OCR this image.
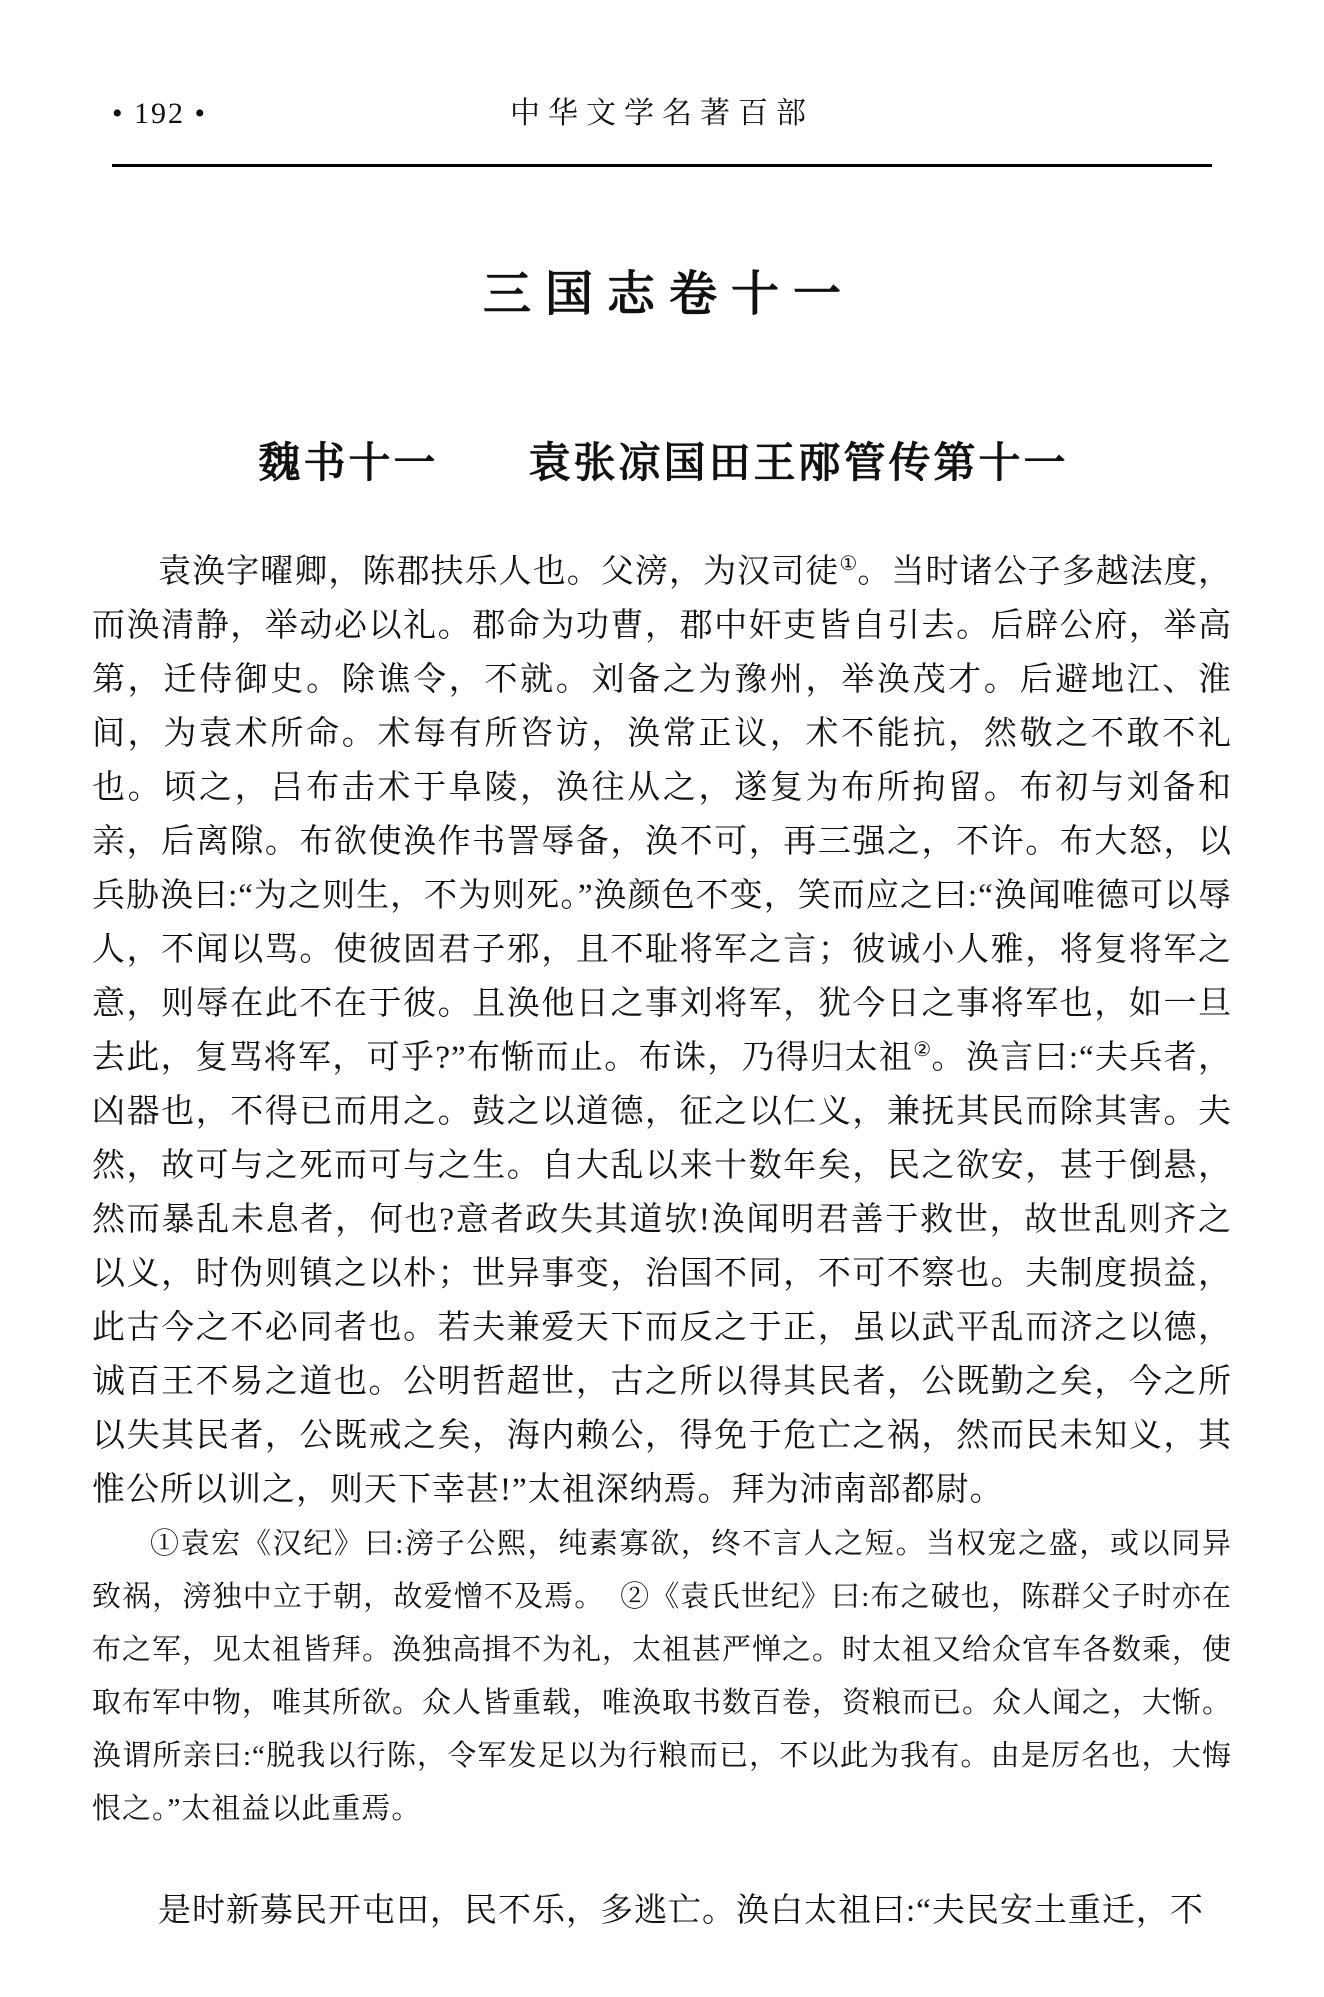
• 192 •	中华文学名著百部
三国志卷十一
魏书十一　　袁张凉国田王邴管传第十一

袁涣字曜卿，陈郡扶乐人也。父滂，为汉司徒①。当时诸公子多越法度，而涣清静，举动必以礼。郡命为功曹，郡中奸吏皆自引去。后辟公府，举高第，迁侍御史。除谯令，不就。刘备之为豫州，举涣茂才。后避地江、淮间，为袁术所命。术每有所咨访，涣常正议，术不能抗，然敬之不敢不礼也。顷之，吕布击术于阜陵，涣往从之，遂复为布所拘留。布初与刘备和亲，后离隙。布欲使涣作书詈辱备，涣不可，再三强之，不许。布大怒，以兵胁涣曰:“为之则生，不为则死。”涣颜色不变，笑而应之曰:“涣闻唯德可以辱人，不闻以骂。使彼固君子邪，且不耻将军之言；彼诚小人雅，将复将军之意，则辱在此不在于彼。且涣他日之事刘将军，犹今日之事将军也，如一旦去此，复骂将军，可乎?”布惭而止。布诛，乃得归太祖②。涣言曰:“夫兵者，凶器也，不得已而用之。鼓之以道德，征之以仁义，兼抚其民而除其害。夫然，故可与之死而可与之生。自大乱以来十数年矣，民之欲安，甚于倒悬，然而暴乱未息者，何也?意者政失其道欤!涣闻明君善于救世，故世乱则齐之以义，时伪则镇之以朴；世异事变，治国不同，不可不察也。夫制度损益，此古今之不必同者也。若夫兼爱天下而反之于正，虽以武平乱而济之以德，诚百王不易之道也。公明哲超世，古之所以得其民者，公既勤之矣，今之所以失其民者，公既戒之矣，海内赖公，得免于危亡之祸，然而民未知义，其惟公所以训之，则天下幸甚!”太祖深纳焉。拜为沛南部都尉。

①袁宏《汉纪》曰:滂子公熙，纯素寡欲，终不言人之短。当权宠之盛，或以同异致祸，滂独中立于朝，故爱憎不及焉。　②《袁氏世纪》曰:布之破也，陈群父子时亦在布之军，见太祖皆拜。涣独高揖不为礼，太祖甚严惮之。时太祖又给众官车各数乘，使取布军中物，唯其所欲。众人皆重载，唯涣取书数百卷，资粮而已。众人闻之，大惭。涣谓所亲曰:“脱我以行陈，令军发足以为行粮而已，不以此为我有。由是厉名也，大悔恨之。”太祖益以此重焉。

是时新募民开屯田，民不乐，多逃亡。涣白太祖曰:“夫民安土重迁，不
